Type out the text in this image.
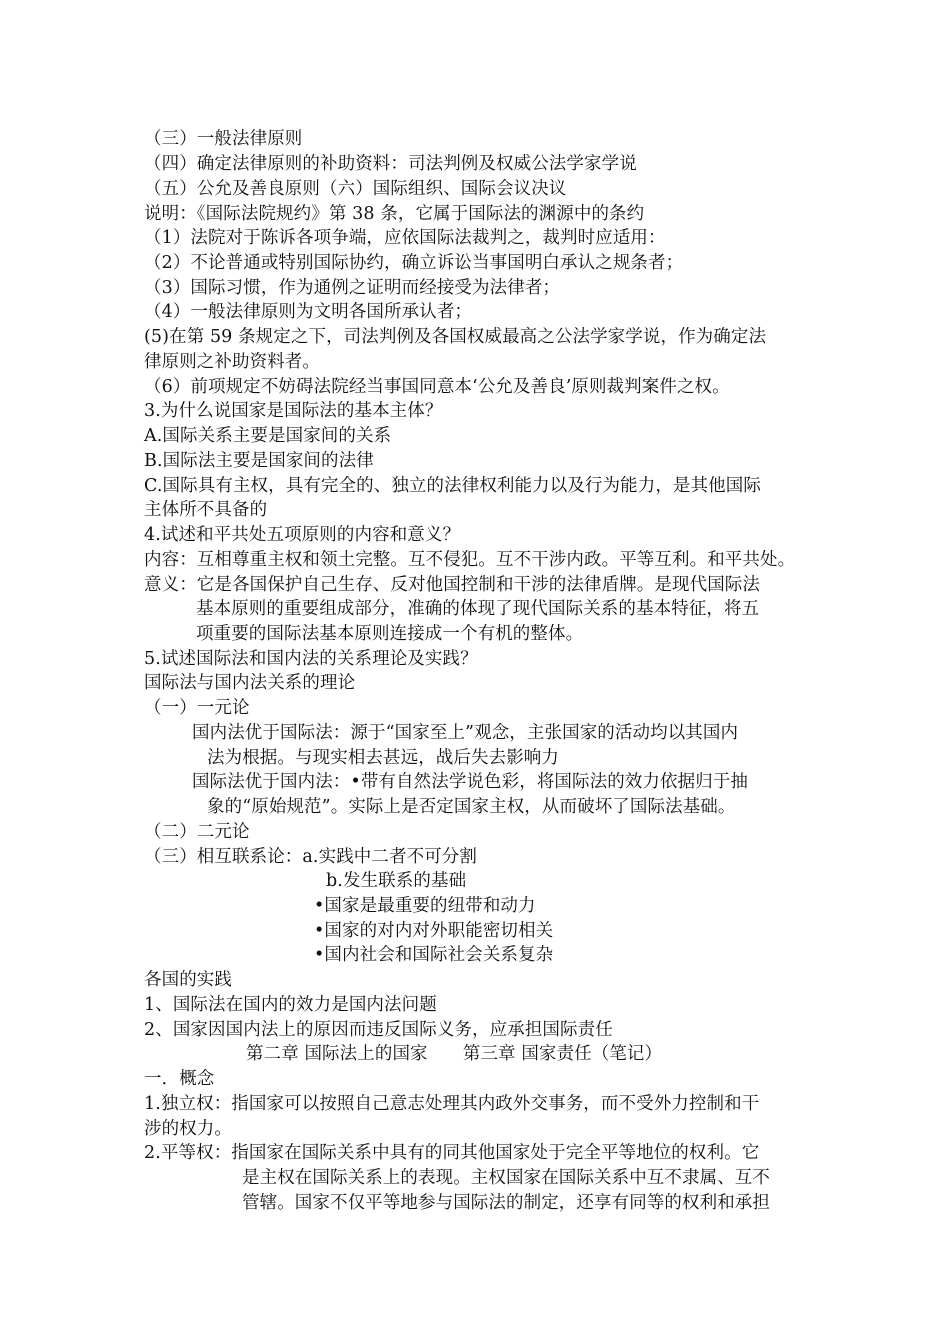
（三）一般法律原则
（四）确定法律原则的补助资料：司法判例及权威公法学家学说
（五）公允及善良原则（六）国际组织、国际会议决议
说明：《国际法院规约》第 38 条，它属于国际法的渊源中的条约
（1）法院对于陈诉各项争端，应依国际法裁判之，裁判时应适用：
（2）不论普通或特别国际协约，确立诉讼当事国明白承认之规条者；
（3）国际习惯，作为通例之证明而经接受为法律者；
（4）一般法律原则为文明各国所承认者；
(5)在第 59 条规定之下，司法判例及各国权威最高之公法学家学说，作为确定法
律原则之补助资料者。
（6）前项规定不妨碍法院经当事国同意本‘公允及善良’原则裁判案件之权。
3.为什么说国家是国际法的基本主体？
A.国际关系主要是国家间的关系
B.国际法主要是国家间的法律
C.国际具有主权，具有完全的、独立的法律权利能力以及行为能力，是其他国际
主体所不具备的
4.试述和平共处五项原则的内容和意义？
内容：互相尊重主权和领土完整。互不侵犯。互不干涉内政。平等互利。和平共处。
意义：它是各国保护自己生存、反对他国控制和干涉的法律盾牌。是现代国际法
基本原则的重要组成部分，准确的体现了现代国际关系的基本特征，将五
项重要的国际法基本原则连接成一个有机的整体。
5.试述国际法和国内法的关系理论及实践？
国际法与国内法关系的理论
（一）一元论
国内法优于国际法：源于“国家至上”观念，主张国家的活动均以其国内
法为根据。与现实相去甚远，战后失去影响力
国际法优于国内法：•带有自然法学说色彩，将国际法的效力依据归于抽
象的“原始规范”。实际上是否定国家主权，从而破坏了国际法基础。
（二）二元论
（三）相互联系论：a.实践中二者不可分割
b.发生联系的基础
•国家是最重要的纽带和动力
•国家的对内对外职能密切相关
•国内社会和国际社会关系复杂
各国的实践
1、国际法在国内的效力是国内法问题
2、国家因国内法上的原因而违反国际义务，应承担国际责任
第二章 国际法上的国家　　第三章 国家责任（笔记）
一．概念
1.独立权：指国家可以按照自己意志处理其内政外交事务，而不受外力控制和干
涉的权力。
2.平等权：指国家在国际关系中具有的同其他国家处于完全平等地位的权利。它
是主权在国际关系上的表现。主权国家在国际关系中互不隶属、互不
管辖。国家不仅平等地参与国际法的制定，还享有同等的权利和承担
